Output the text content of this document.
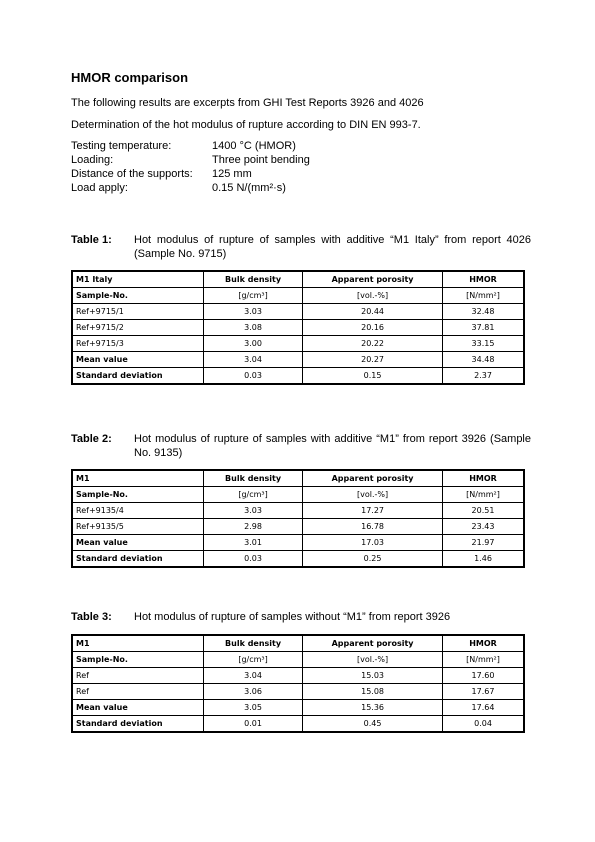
HMOR comparison
The following results are excerpts from GHI Test Reports 3926 and 4026
Determination of the hot modulus of rupture according to DIN EN 993-7.
Testing temperature:	1400 °C (HMOR)
Loading:	Three point bending
Distance of the supports:	125 mm
Load apply:	0.15 N/(mm²·s)
Table 1: Hot modulus of rupture of samples with additive “M1 Italy” from report 4026 (Sample No. 9715)
M1 Italy	Bulk density	Apparent porosity	HMOR
Sample-No.	[g/cm³]	[vol.-%]	[N/mm²]
Ref+9715/1	3.03	20.44	32.48
Ref+9715/2	3.08	20.16	37.81
Ref+9715/3	3.00	20.22	33.15
Mean value	3.04	20.27	34.48
Standard deviation	0.03	0.15	2.37
Table 2: Hot modulus of rupture of samples with additive “M1” from report 3926 (Sample No. 9135)
M1	Bulk density	Apparent porosity	HMOR
Sample-No.	[g/cm³]	[vol.-%]	[N/mm²]
Ref+9135/4	3.03	17.27	20.51
Ref+9135/5	2.98	16.78	23.43
Mean value	3.01	17.03	21.97
Standard deviation	0.03	0.25	1.46
Table 3: Hot modulus of rupture of samples without “M1” from report 3926
M1	Bulk density	Apparent porosity	HMOR
Sample-No.	[g/cm³]	[vol.-%]	[N/mm²]
Ref	3.04	15.03	17.60
Ref	3.06	15.08	17.67
Mean value	3.05	15.36	17.64
Standard deviation	0.01	0.45	0.04
